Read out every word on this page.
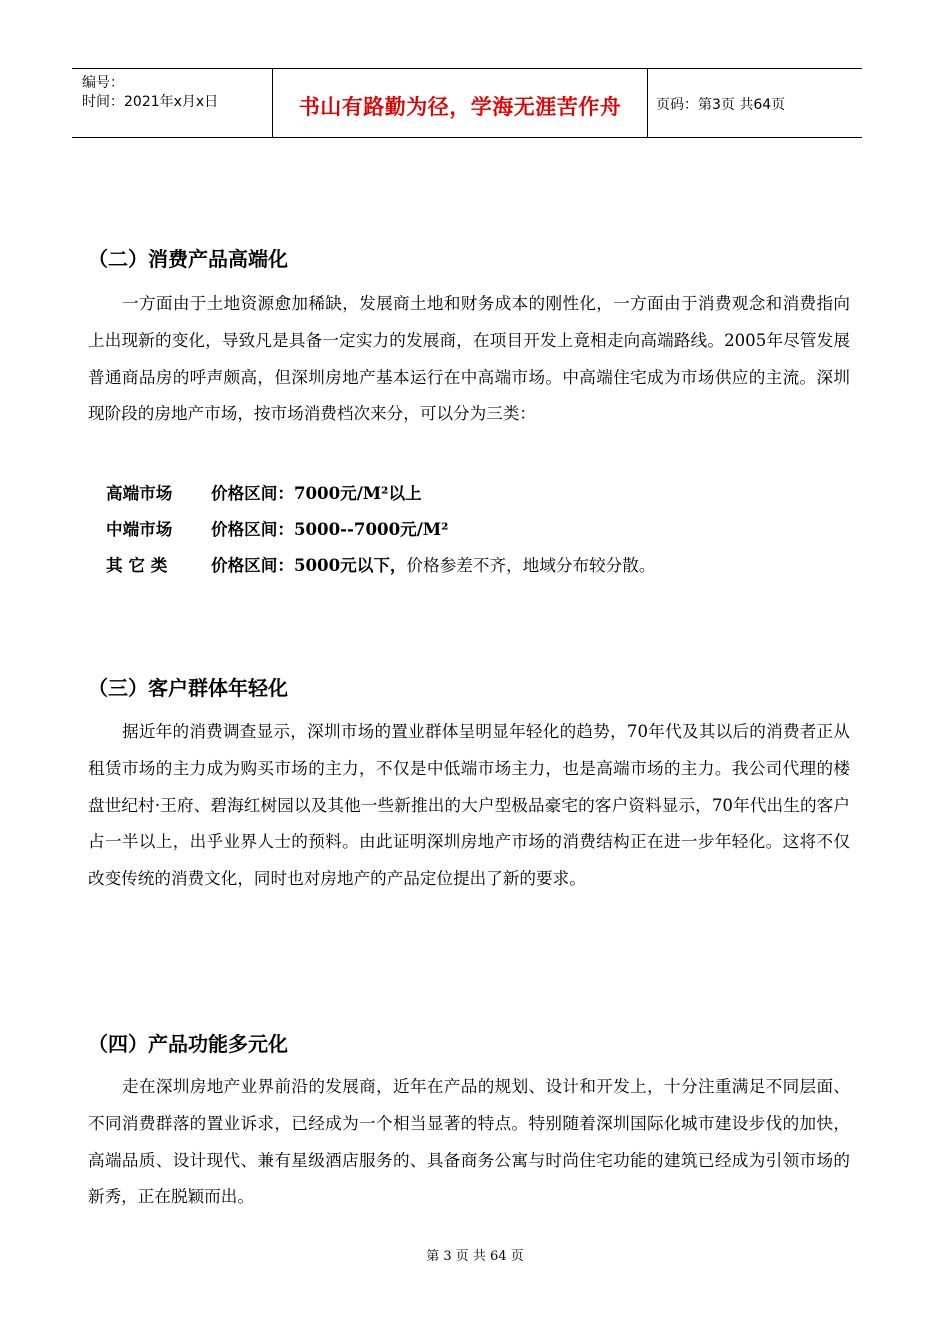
编号：
时间：2021年x月x日	书山有路勤为径，学海无涯苦作舟	页码：第3页 共64页
（二）消费产品高端化

一方面由于土地资源愈加稀缺，发展商土地和财务成本的刚性化，一方面由于消费观念和消费指向上出现新的变化，导致凡是具备一定实力的发展商，在项目开发上竟相走向高端路线。2005年尽管发展普通商品房的呼声颇高，但深圳房地产基本运行在中高端市场。中高端住宅成为市场供应的主流。深圳现阶段的房地产市场，按市场消费档次来分，可以分为三类：

高端市场 价格区间：7000元/M²以上
中端市场 价格区间：5000--7000元/M²
其 它 类	价格区间：5000元以下，价格参差不齐，地域分布较分散。
（三）客户群体年轻化

据近年的消费调查显示，深圳市场的置业群体呈明显年轻化的趋势，70年代及其以后的消费者正从租赁市场的主力成为购买市场的主力，不仅是中低端市场主力，也是高端市场的主力。我公司代理的楼盘世纪村·王府、碧海红树园以及其他一些新推出的大户型极品豪宅的客户资料显示，70年代出生的客户占一半以上，出乎业界人士的预料。由此证明深圳房地产市场的消费结构正在进一步年轻化。这将不仅改变传统的消费文化，同时也对房地产的产品定位提出了新的要求。

（四）产品功能多元化

走在深圳房地产业界前沿的发展商，近年在产品的规划、设计和开发上，十分注重满足不同层面、不同消费群落的置业诉求，已经成为一个相当显著的特点。特别随着深圳国际化城市建设步伐的加快，高端品质、设计现代、兼有星级酒店服务的、具备商务公寓与时尚住宅功能的建筑已经成为引领市场的新秀，正在脱颖而出。

第 3 页 共 64 页
